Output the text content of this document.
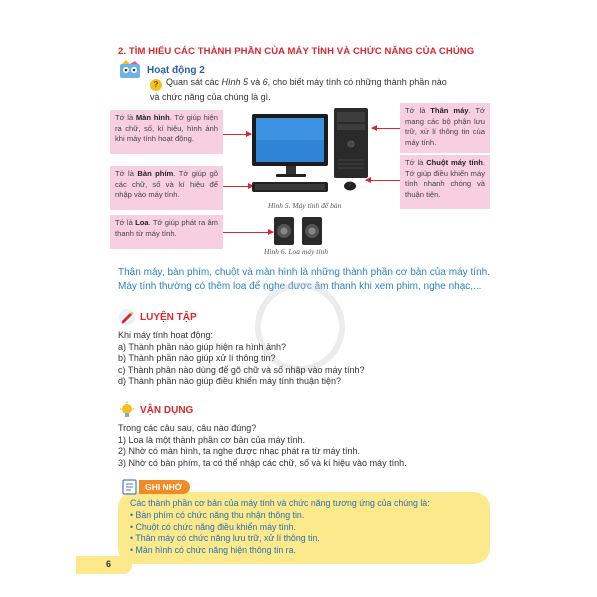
2. TÌM HIỂU CÁC THÀNH PHẦN CỦA MÁY TÍNH VÀ CHỨC NĂNG CỦA CHÚNG
Hoạt động 2
? Quan sát các Hình 5 và 6, cho biết máy tính có những thành phần nào và chức năng của chúng là gì.
Tớ là Màn hình. Tớ giúp hiện ra chữ, số, kí hiệu, hình ảnh khi máy tính hoạt động.
Tớ là Bàn phím. Tớ giúp gõ các chữ, số và kí hiệu để nhập vào máy tính.
Tớ là Loa. Tớ giúp phát ra âm thanh từ máy tính.
Tớ là Thân máy. Tớ mang các bộ phận lưu trữ, xử lí thông tin của máy tính.
Tớ là Chuột máy tính. Tớ giúp điều khiển máy tính nhanh chóng và thuận tiện.
Hình 5. Máy tính để bàn
Hình 6. Loa máy tính
Thân máy, bàn phím, chuột và màn hình là những thành phần cơ bản của máy tính. Máy tính thường có thêm loa để nghe được âm thanh khi xem phim, nghe nhạc,...
LUYỆN TẬP
Khi máy tính hoạt động:
a) Thành phần nào giúp hiện ra hình ảnh?
b) Thành phần nào giúp xử lí thông tin?
c) Thành phần nào dùng để gõ chữ và số nhập vào máy tính?
d) Thành phần nào giúp điều khiển máy tính thuận tiện?
VẬN DỤNG
Trong các câu sau, câu nào đúng?
1) Loa là một thành phần cơ bản của máy tính.
2) Nhờ có màn hình, ta nghe được nhạc phát ra từ máy tính.
3) Nhờ có bàn phím, ta có thể nhập các chữ, số và kí hiệu vào máy tính.
Các thành phần cơ bản của máy tính và chức năng tương ứng của chúng là:
• Bàn phím có chức năng thu nhận thông tin.
• Chuột có chức năng điều khiển máy tính.
• Thân máy có chức năng lưu trữ, xử lí thông tin.
• Màn hình có chức năng hiện thông tin ra.
GHI NHỚ
6
